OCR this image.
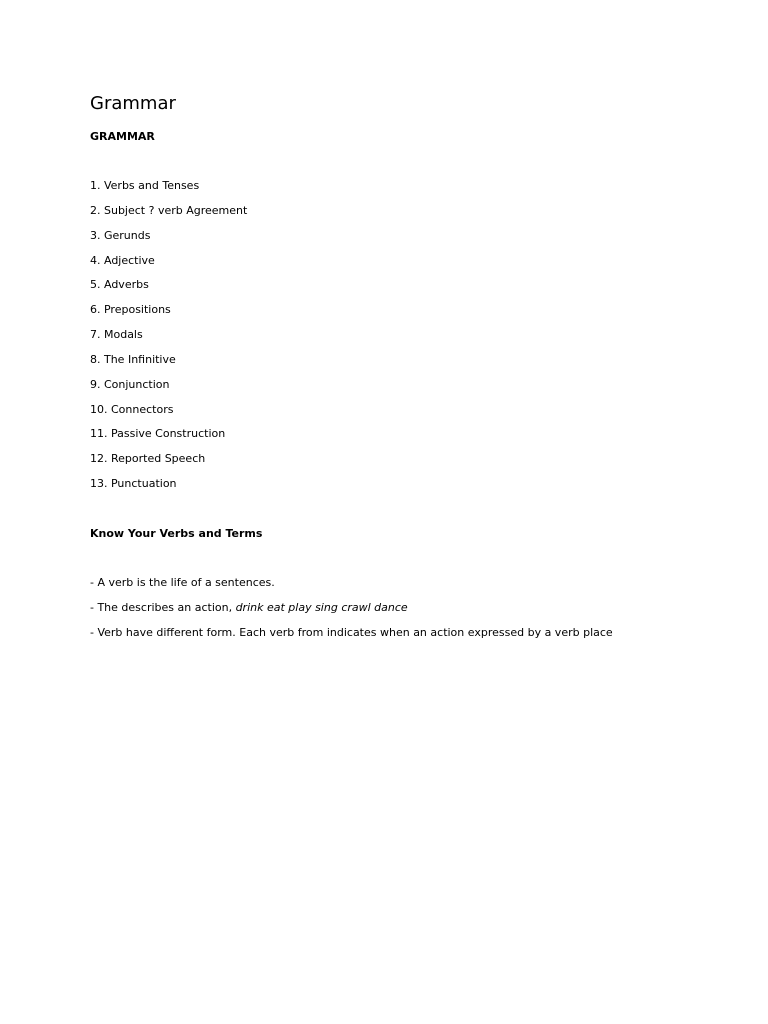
Grammar
GRAMMAR
1. Verbs and Tenses
2. Subject ? verb Agreement
3. Gerunds
4. Adjective
5. Adverbs
6. Prepositions
7. Modals
8. The Infinitive
9. Conjunction
10. Connectors
11. Passive Construction
12. Reported Speech
13. Punctuation
Know Your Verbs and Terms
- A verb is the life of a sentences.
- The describes an action, drink eat play sing crawl dance
- Verb have different form. Each verb from indicates when an action expressed by a verb place
